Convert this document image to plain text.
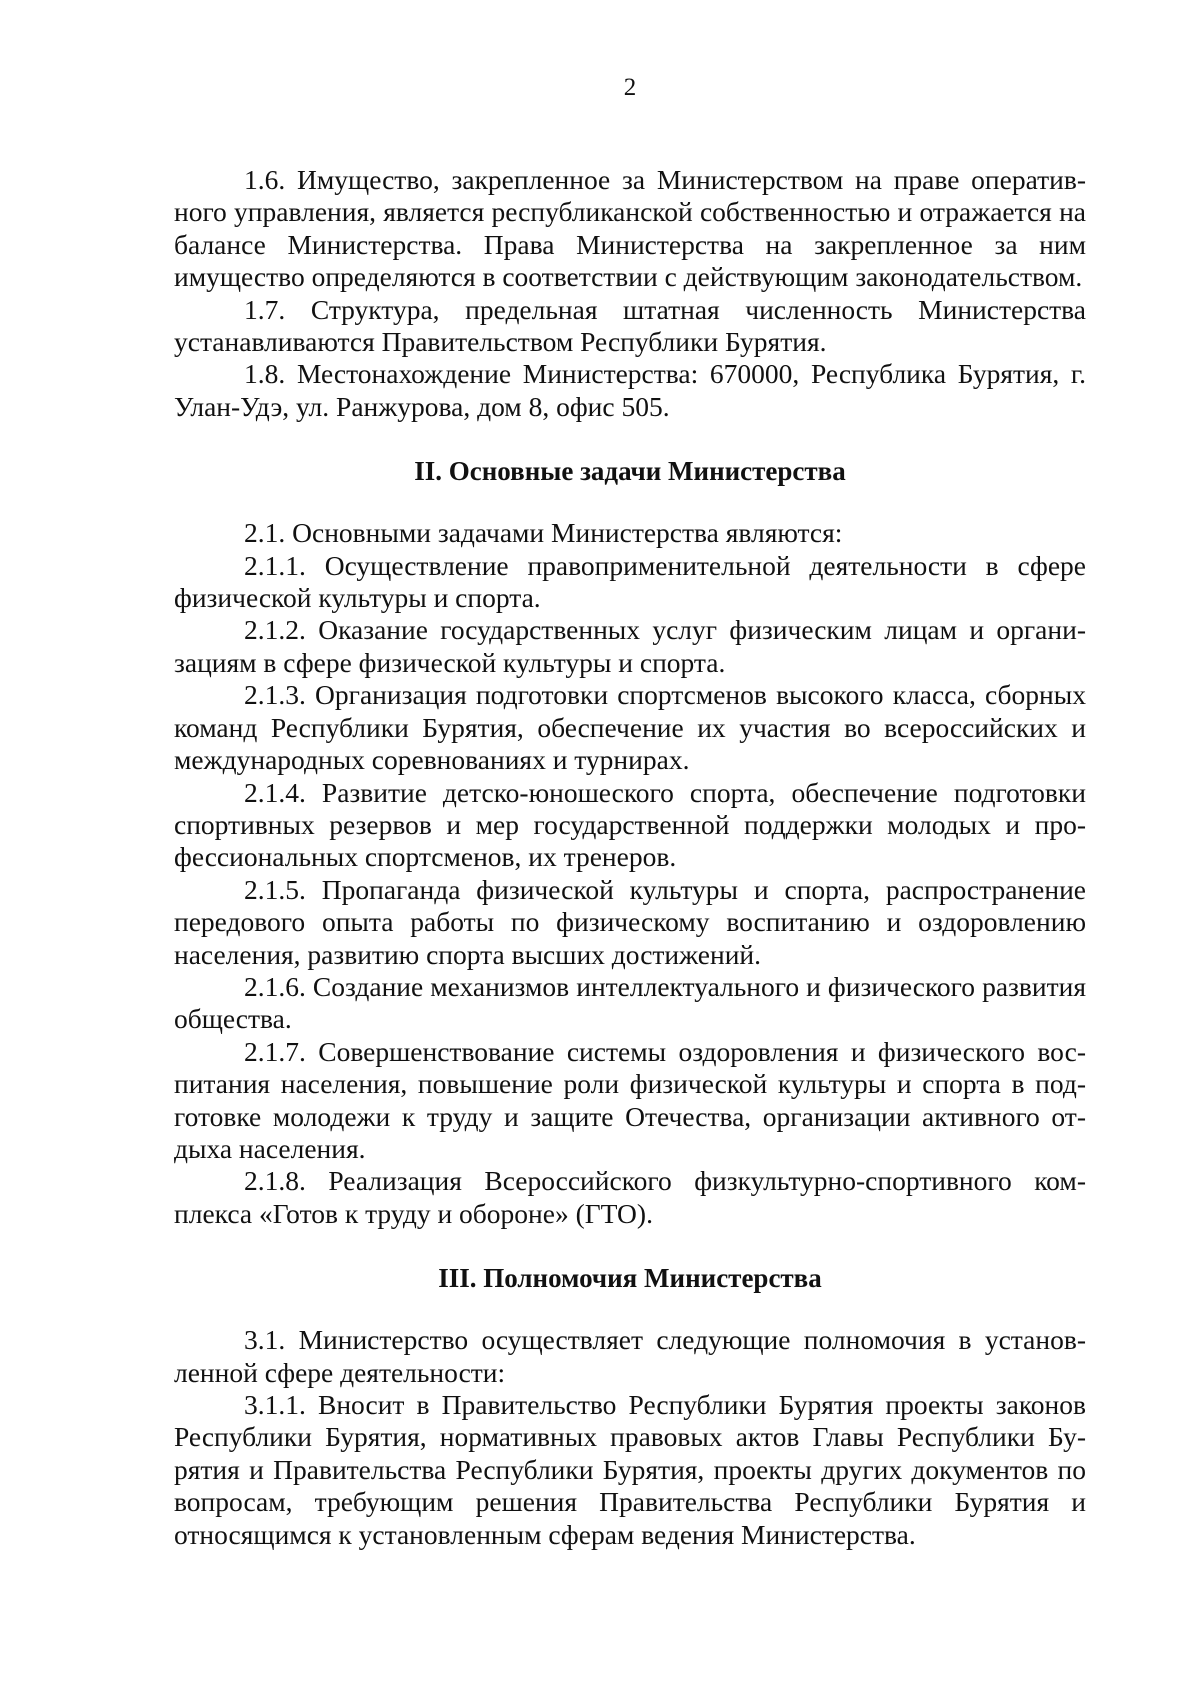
2

1.6. Имущество, закрепленное за Министерством на праве оперативного управления, является республиканской собственностью и отражается на балансе Министерства. Права Министерства на закрепленное за ним имущество определяются в соответствии с действующим законодательством.

1.7. Структура, предельная штатная численность Министерства устанавливаются Правительством Республики Бурятия.

1.8. Местонахождение Министерства: 670000, Республика Бурятия, г. Улан-Удэ, ул. Ранжурова, дом 8, офис 505.

II. Основные задачи Министерства

2.1. Основными задачами Министерства являются:

2.1.1. Осуществление правоприменительной деятельности в сфере физической культуры и спорта.

2.1.2. Оказание государственных услуг физическим лицам и организациям в сфере физической культуры и спорта.

2.1.3. Организация подготовки спортсменов высокого класса, сборных команд Республики Бурятия, обеспечение их участия во всероссийских и международных соревнованиях и турнирах.

2.1.4. Развитие детско-юношеского спорта, обеспечение подготовки спортивных резервов и мер государственной поддержки молодых и профессиональных спортсменов, их тренеров.

2.1.5. Пропаганда физической культуры и спорта, распространение передового опыта работы по физическому воспитанию и оздоровлению населения, развитию спорта высших достижений.

2.1.6. Создание механизмов интеллектуального и физического развития общества.

2.1.7. Совершенствование системы оздоровления и физического воспитания населения, повышение роли физической культуры и спорта в подготовке молодежи к труду и защите Отечества, организации активного отдыха населения.

2.1.8. Реализация Всероссийского физкультурно-спортивного комплекса «Готов к труду и обороне» (ГТО).

III. Полномочия Министерства

3.1. Министерство осуществляет следующие полномочия в установленной сфере деятельности:

3.1.1. Вносит в Правительство Республики Бурятия проекты законов Республики Бурятия, нормативных правовых актов Главы Республики Бурятия и Правительства Республики Бурятия, проекты других документов по вопросам, требующим решения Правительства Республики Бурятия и относящимся к установленным сферам ведения Министерства.
